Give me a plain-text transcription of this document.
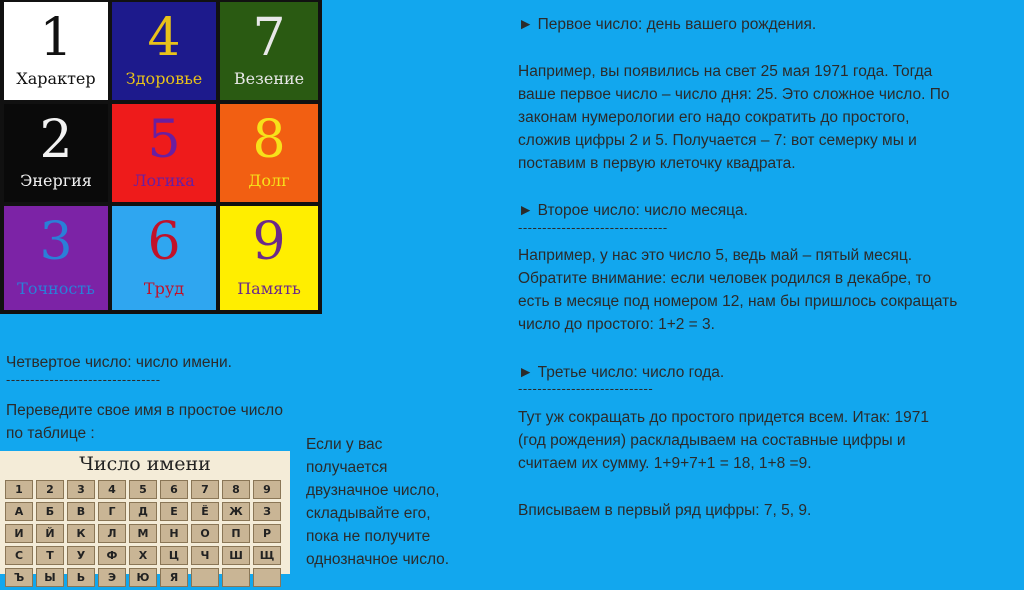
1
Характер
4
Здоровье
7
Везение
2
Энергия
5
Логика
8
Долг
3
Точность
6
Труд
9
Память
► Первое число: день вашего рождения.
Например, вы появились на свет 25 мая 1971 года. Тогда
ваше первое число – число дня: 25. Это сложное число. По
законам нумерологии его надо сократить до простого,
сложив цифры 2 и 5. Получается – 7: вот семерку мы и
поставим в первую клеточку квадрата.
► Второе число: число месяца.
-------------------------------
Например, у нас это число 5, ведь май – пятый месяц.
Обратите внимание: если человек родился в декабре, то
есть в месяце под номером 12, нам бы пришлось сокращать
число до простого: 1+2 = 3.
► Третье число: число года.
----------------------------
Тут уж сокращать до простого придется всем. Итак: 1971
(год рождения) раскладываем на составные цифры и
считаем их сумму. 1+9+7+1 = 18, 1+8 =9.
Вписываем в первый ряд цифры: 7, 5, 9.
Четвертое число: число имени.
--------------------------------
Переведите свое имя в простое число
по таблице :
Если у вас
получается
двузначное число,
складывайте его,
пока не получите
однозначное число.
Число имени
1	2	3	4	5	6	7	8	9
А	Б	В	Г	Д	Е	Ё	Ж	З
И	Й	К	Л	М	Н	О	П	Р
С	Т	У	Ф	Х	Ц	Ч	Ш	Щ
Ъ	Ы	Ь	Э	Ю	Я			
